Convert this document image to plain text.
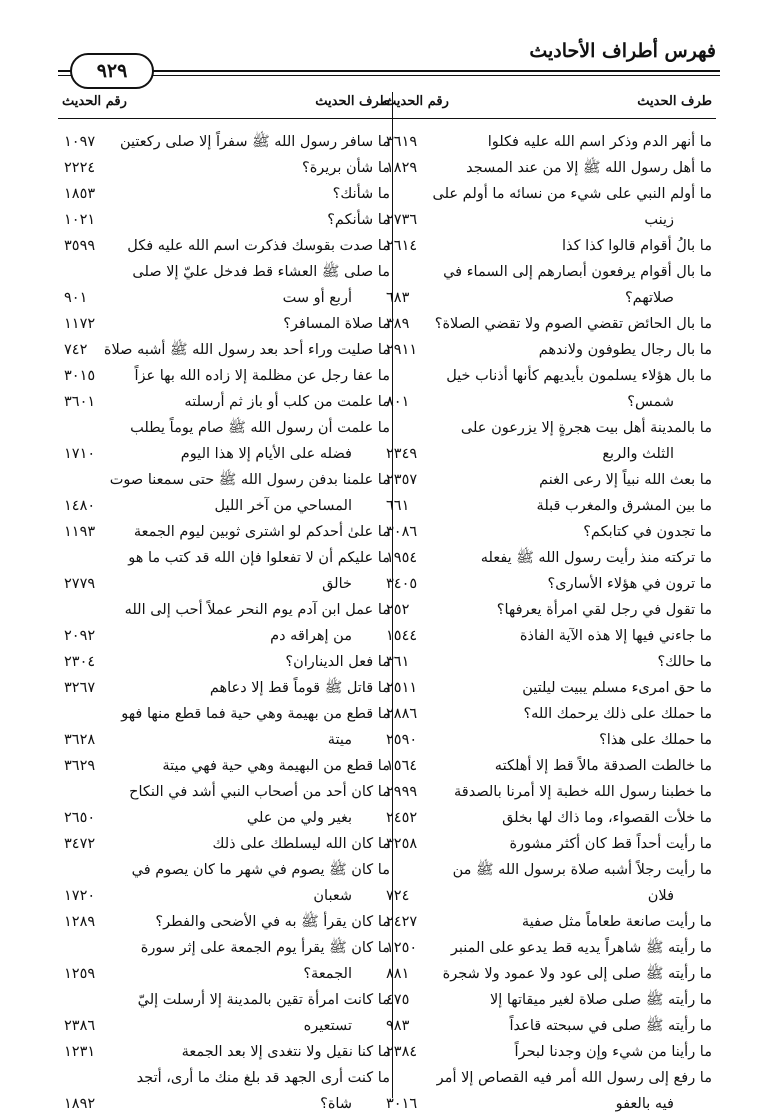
فهرس أطراف الأحاديث
٩٢٩
طرف الحديث
رقم الحديث
ما أنهر الدم وذكر اسم الله عليه فكلوا
٣٦١٩
ما أهل رسول الله ﷺ إلا من عند المسجد
١٨٢٩
ما أولم النبي على شيء من نسائه ما أولم على
زينب
٢٧٣٦
ما بالُ أقوام قالوا كذا كذا
٢٦١٤
ما بال أقوام يرفعون أبصارهم إلى السماء في
صلاتهم؟
٦٨٣
ما بال الحائض تقضي الصوم ولا تقضي الصلاة؟
٣٨٩
ما بال رجال يطوفون ولاندهم
٢٩١١
ما بال هؤلاء يسلمون بأيديهم كأنها أذناب خيل
شمس؟
٨٠١
ما بالمدينة أهل بيت هجرةٍ إلا يزرعون على
الثلث والربع
٢٣٤٩
ما بعث الله نبياً إلا رعى الغنم
٢٣٥٧
ما بين المشرق والمغرب قبلة
٦٦١
ما تجدون في كتابكم؟
٣٠٨٦
ما تركته منذ رأيت رسول الله ﷺ يفعله
١٩٥٤
ما ترون في هؤلاء الأسارى؟
٣٤٠٥
ما تقول في رجل لقي امرأة يعرفها؟
٢٥٢
ما جاءني فيها إلا هذه الآية الفاذة
١٥٤٤
ما حالك؟
٣٦١
ما حق امرىء مسلم يبيت ليلتين
٢٥١١
ما حملك على ذلك يرحمك الله؟
٢٨٨٦
ما حملك على هذا؟
٢٥٩٠
ما خالطت الصدقة مالاً قط إلا أهلكته
١٥٦٤
ما خطبنا رسول الله خطبة إلا أمرنا بالصدقة
٢٩٩٩
ما خلأت القصواء، وما ذاك لها بخلق
٢٤٥٢
ما رأيت أحداً قط كان أكثر مشورة
٣٢٥٨
ما رأيت رجلاً أشبه صلاة برسول الله ﷺ من
فلان
٧٢٤
ما رأيت صانعة طعاماً مثل صفية
٢٤٢٧
ما رأيته ﷺ شاهراً يديه قط يدعو على المنبر
١٢٥٠
ما رأيته ﷺ صلى إلى عود ولا عمود ولا شجرة
٨٨١
ما رأيته ﷺ صلى صلاة لغير ميقاتها إلا
٤٧٥
ما رأيته ﷺ صلى في سبحته قاعداً
٩٨٣
ما رأينا من شيء وإن وجدنا لبحراً
٢٣٨٤
ما رفع إلى رسول الله أمر فيه القصاص إلا أمر
فيه بالعفو
٣٠١٦
طرف الحديث
رقم الحديث
ما سافر رسول الله ﷺ سفراً إلا صلى ركعتين
١٠٩٧
ما شأن بريرة؟
٢٢٢٤
ما شأنك؟
١٨٥٣
ما شأنكم؟
١٠٢١
ما صدت بقوسك فذكرت اسم الله عليه فكل
٣٥٩٩
ما صلى ﷺ العشاء قط فدخل عليّ إلا صلى
أربع أو ست
٩٠١
ما صلاة المسافر؟
١١٧٢
ما صليت وراء أحد بعد رسول الله ﷺ أشبه صلاة
٧٤٢
ما عفا رجل عن مظلمة إلا زاده الله بها عزاً
٣٠١٥
ما علمت من كلب أو باز ثم أرسلته
٣٦٠١
ما علمت أن رسول الله ﷺ صام يوماً يطلب
فضله على الأيام إلا هذا اليوم
١٧١٠
ما علمنا بدفن رسول الله ﷺ حتى سمعنا صوت
المساحي من آخر الليل
١٤٨٠
ما علىٰ أحدكم لو اشترى ثوبين ليوم الجمعة
١١٩٣
ما عليكم أن لا تفعلوا فإن الله قد كتب ما هو
خالق
٢٧٧٩
ما عمل ابن آدم يوم النحر عملاً أحب إلى الله
من إهراقه دم
٢٠٩٢
ما فعل الديناران؟
٢٣٠٤
ما قاتل ﷺ قوماً قط إلا دعاهم
٣٢٦٧
ما قطع من بهيمة وهي حية فما قطع منها فهو
ميتة
٣٦٢٨
ما قطع من البهيمة وهي حية فهي ميتة
٣٦٢٩
ما كان أحد من أصحاب النبي أشد في النكاح
بغير ولي من علي
٢٦٥٠
ما كان الله ليسلطك على ذلك
٣٤٧٢
ما كان ﷺ يصوم في شهر ما كان يصوم في
شعبان
١٧٢٠
ما كان يقرأ ﷺ به في الأضحى والفطر؟
١٢٨٩
ما كان ﷺ يقرأ يوم الجمعة على إثر سورة
الجمعة؟
١٢٥٩
ما كانت امرأة تقين بالمدينة إلا أرسلت إليّ
تستعيره
٢٣٨٦
ما كنا نقيل ولا نتغدى إلا بعد الجمعة
١٢٣١
ما كنت أرى الجهد قد بلغ منك ما أرى، أتجد
شاة؟
١٨٩٢
